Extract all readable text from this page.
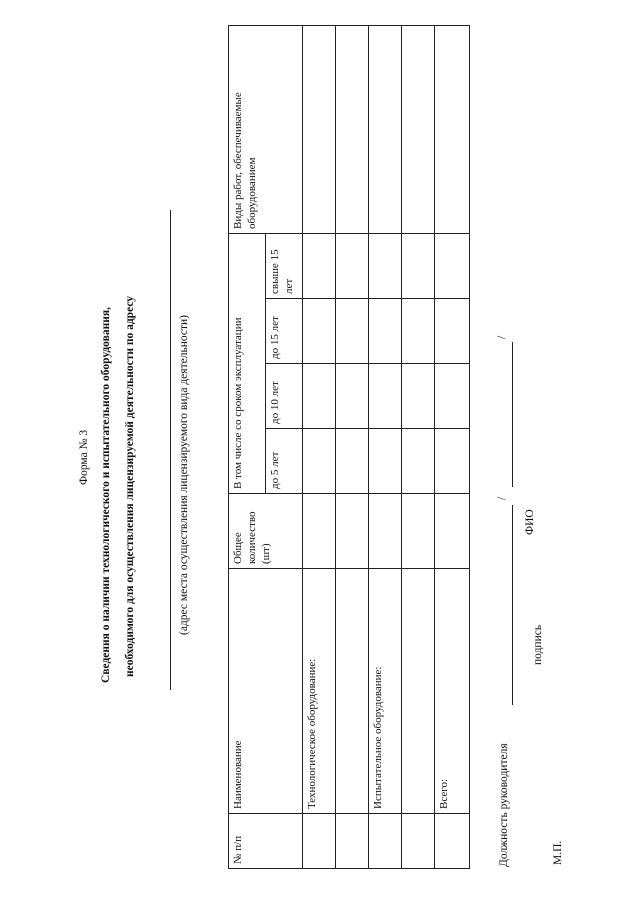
Форма № 3 Сведения о наличии технологического и испытательного оборудования, необходимого для осуществления лицензируемой деятельности по адресу	(адрес места осуществления лицензируемого вида деятельности)
№ п/п	Наименование	Общее количество (шт)	В том числе со сроком эксплуатации				Виды работ, обеспечиваемые оборудованием
			до 5 лет	до 10 лет	до 15 лет	свыше 15 лет	
	Технологическое оборудование:						

	Испытательное оборудование:						

	Всего:							Должность руководителя
/
/
подпись
ФИО
М.П.
